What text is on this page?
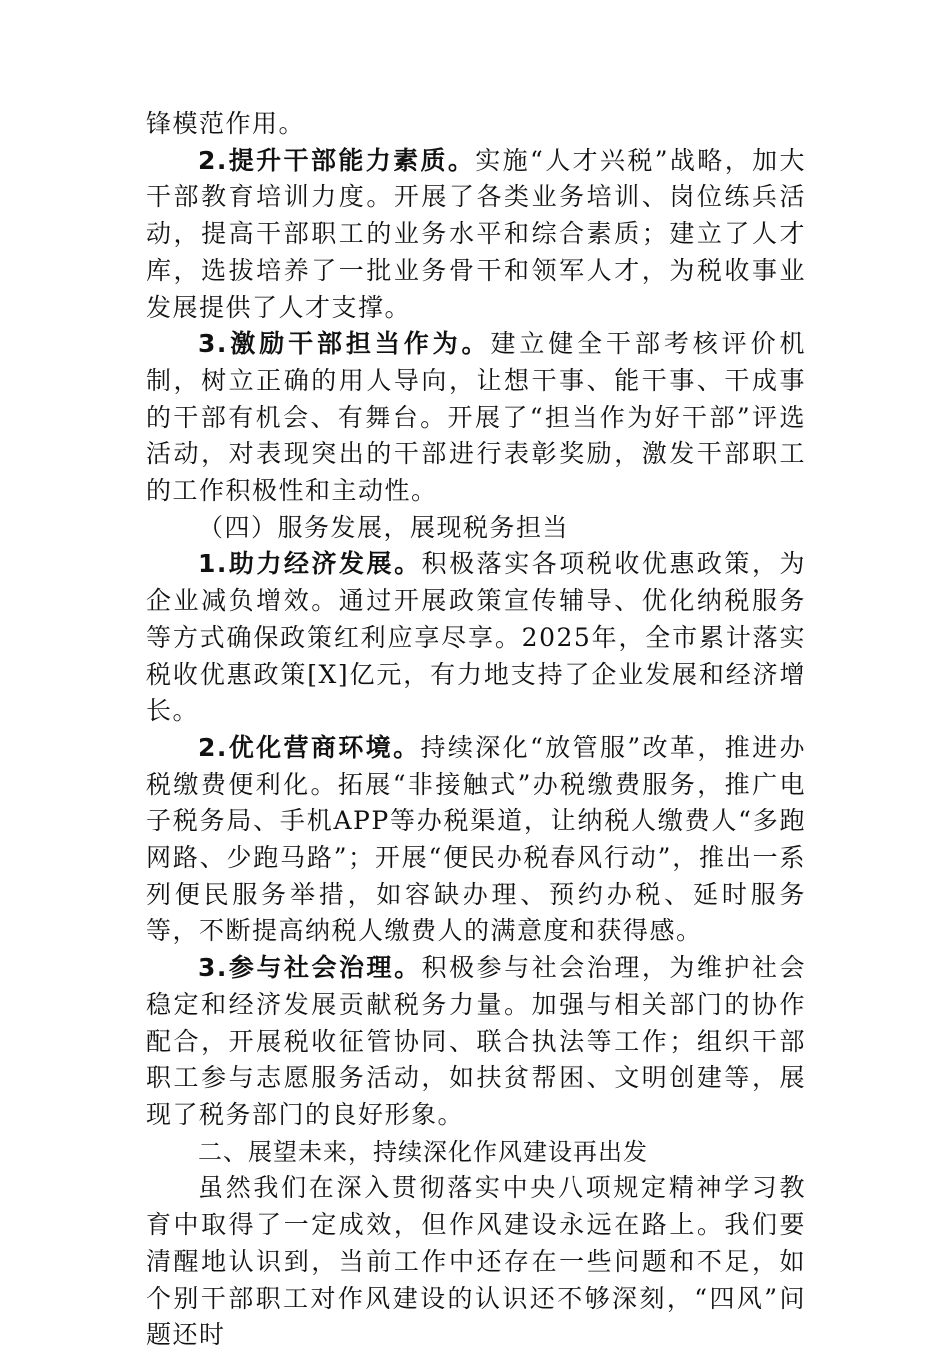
锋模范作用。

2.提升干部能力素质。实施“人才兴税”战略，加大干部教育培训力度。开展了各类业务培训、岗位练兵活动，提高干部职工的业务水平和综合素质；建立了人才库，选拔培养了一批业务骨干和领军人才，为税收事业发展提供了人才支撑。

3.激励干部担当作为。建立健全干部考核评价机制，树立正确的用人导向，让想干事、能干事、干成事的干部有机会、有舞台。开展了“担当作为好干部”评选活动，对表现突出的干部进行表彰奖励，激发干部职工的工作积极性和主动性。

（四）服务发展，展现税务担当

1.助力经济发展。积极落实各项税收优惠政策，为企业减负增效。通过开展政策宣传辅导、优化纳税服务等方式确保政策红利应享尽享。2025年，全市累计落实税收优惠政策[X]亿元，有力地支持了企业发展和经济增长。

2.优化营商环境。持续深化“放管服”改革，推进办税缴费便利化。拓展“非接触式”办税缴费服务，推广电子税务局、手机APP等办税渠道，让纳税人缴费人“多跑网路、少跑马路”；开展“便民办税春风行动”，推出一系列便民服务举措，如容缺办理、预约办税、延时服务等，不断提高纳税人缴费人的满意度和获得感。

3.参与社会治理。积极参与社会治理，为维护社会稳定和经济发展贡献税务力量。加强与相关部门的协作配合，开展税收征管协同、联合执法等工作；组织干部职工参与志愿服务活动，如扶贫帮困、文明创建等，展现了税务部门的良好形象。

二、展望未来，持续深化作风建设再出发

虽然我们在深入贯彻落实中央八项规定精神学习教育中取得了一定成效，但作风建设永远在路上。我们要清醒地认识到，当前工作中还存在一些问题和不足，如个别干部职工对作风建设的认识还不够深刻，“四风”问题还时
